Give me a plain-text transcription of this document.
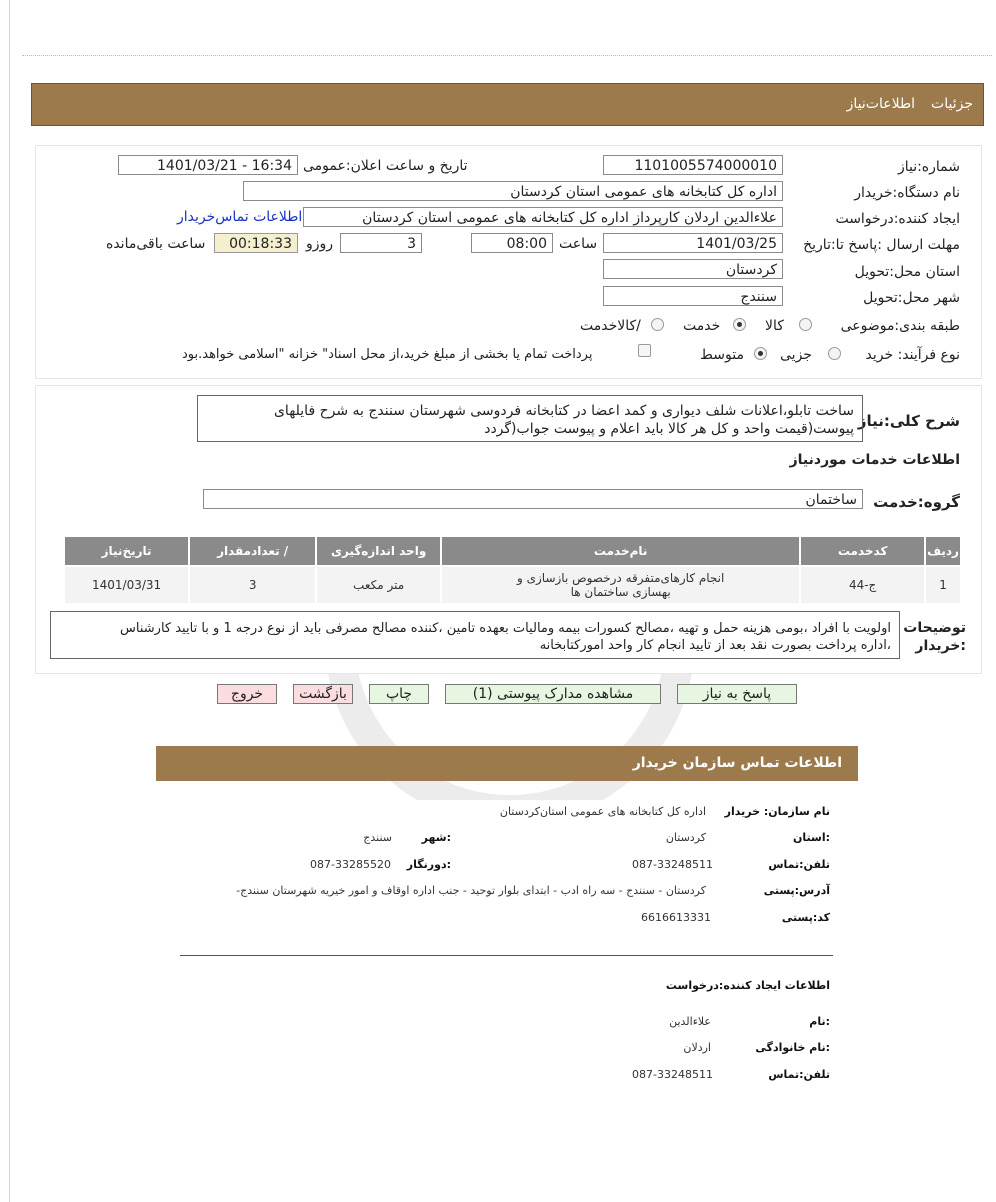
جزئیات
اطلاعات‌نیاز
شماره:نیاز
1101005574000010
تاریخ و ساعت اعلان:عمومی
1401/03/21 - 16:34
نام دستگاه:خریدار
اداره کل کتابخانه های عمومی استان کردستان
ایجاد کننده:درخواست
علاءالدین اردلان کارپرداز اداره کل کتابخانه های عمومی استان کردستان
اطلاعات تماس‌خریدار
مهلت ارسال :پاسخ تا:تاریخ
1401/03/25
ساعت
08:00
3
روزو
00:18:33
ساعت باقی‌مانده
استان محل:تحویل
کردستان
شهر محل:تحویل
سنندج
طبقه بندی:موضوعی
کالا
خدمت
/کالاخدمت
نوع فرآیند: خرید
جزیی
متوسط
پرداخت تمام یا بخشی از مبلغ خرید،از محل اسناد" خزانه "اسلامی خواهد.بود
شرح کلی:نیاز
ساخت تابلو،اعلانات شلف دیواری و کمد اعضا در کتابخانه فردوسی شهرستان سنندج به شرح فایلهای
پیوست(قیمت واحد و کل هر کالا باید اعلام و پیوست جواب(گردد
اطلاعات خدمات موردنیاز
گروه:خدمت
ساختمان
ردیف	کدخدمت	نام‌خدمت	واحد اندازه‌گیری	/ تعدادمقدار	تاریخ‌نیاز
1	ج-44	انجام کارهای‌متفرقه درخصوص بازسازی و
بهسازی ساختمان ها	متر مکعب	3	1401/03/31
توضیحات
:خریدار
اولویت با افراد ،بومی هزینه حمل و تهیه ،مصالح کسورات بیمه ومالیات بعهده تامین ،کننده مصالح مصرفی باید از نوع درجه 1 و با تایید کارشناس
،اداره پرداخت بصورت نقد بعد از تایید انجام کار واحد امورکتابخانه
پاسخ به نیاز
مشاهده مدارک پیوستی (1)
چاپ
بازگشت
خروج
اطلاعات تماس سازمان خریدار
نام سازمان: خریدار
اداره کل کتابخانه های عمومی استان‌کردستان
:استان
کردستان
:شهر
سنندج
تلفن:تماس
087-33248511
:دورنگار
087-33285520
آدرس:پستی
کردستان - سنندج - سه راه ادب - ابتدای بلوار توحید - جنب اداره اوقاف و امور خیریه شهرستان سنندج-
کد:پستی
6616613331
اطلاعات ایجاد کننده:درخواست
:نام
علاءالدین
:نام خانوادگی
اردلان
تلفن:تماس
087-33248511
